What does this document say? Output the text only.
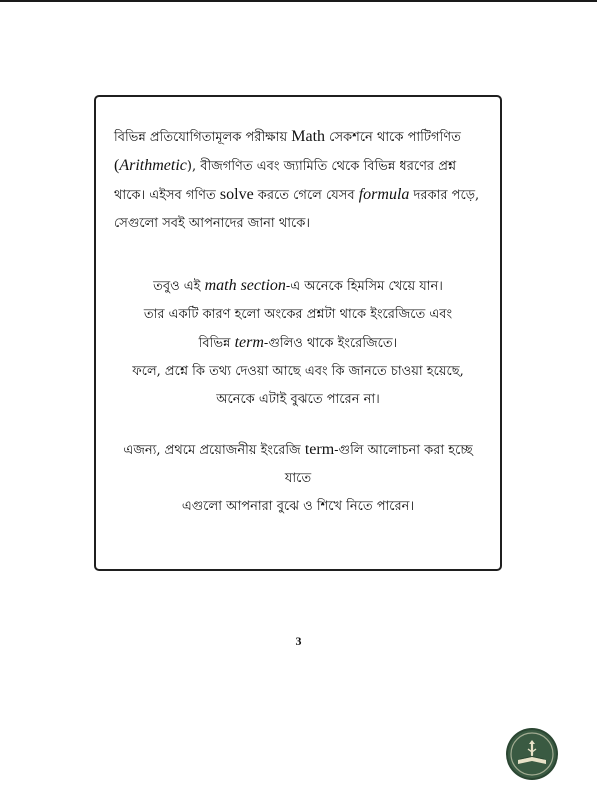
বিভিন্ন প্রতিযোগিতামূলক পরীক্ষায় Math সেকশনে থাকে পাটিগণিত
(Arithmetic), বীজগণিত এবং জ্যামিতি থেকে বিভিন্ন ধরণের প্রশ্ন
থাকে। এইসব গণিত solve করতে গেলে যেসব formula দরকার পড়ে,
সেগুলো সবই আপনাদের জানা থাকে।

তবুও এই math section-এ অনেকে হিমসিম খেয়ে যান।
তার একটি কারণ হলো অংকের প্রশ্নটা থাকে ইংরেজিতে এবং
বিভিন্ন term-গুলিও থাকে ইংরেজিতে।
ফলে, প্রশ্নে কি তথ্য দেওয়া আছে এবং কি জানতে চাওয়া হয়েছে,
অনেকে এটাই বুঝতে পারেন না।

এজন্য, প্রথমে প্রয়োজনীয় ইংরেজি term-গুলি আলোচনা করা হচ্ছে যাতে
এগুলো আপনারা বুঝে ও শিখে নিতে পারেন।

3
